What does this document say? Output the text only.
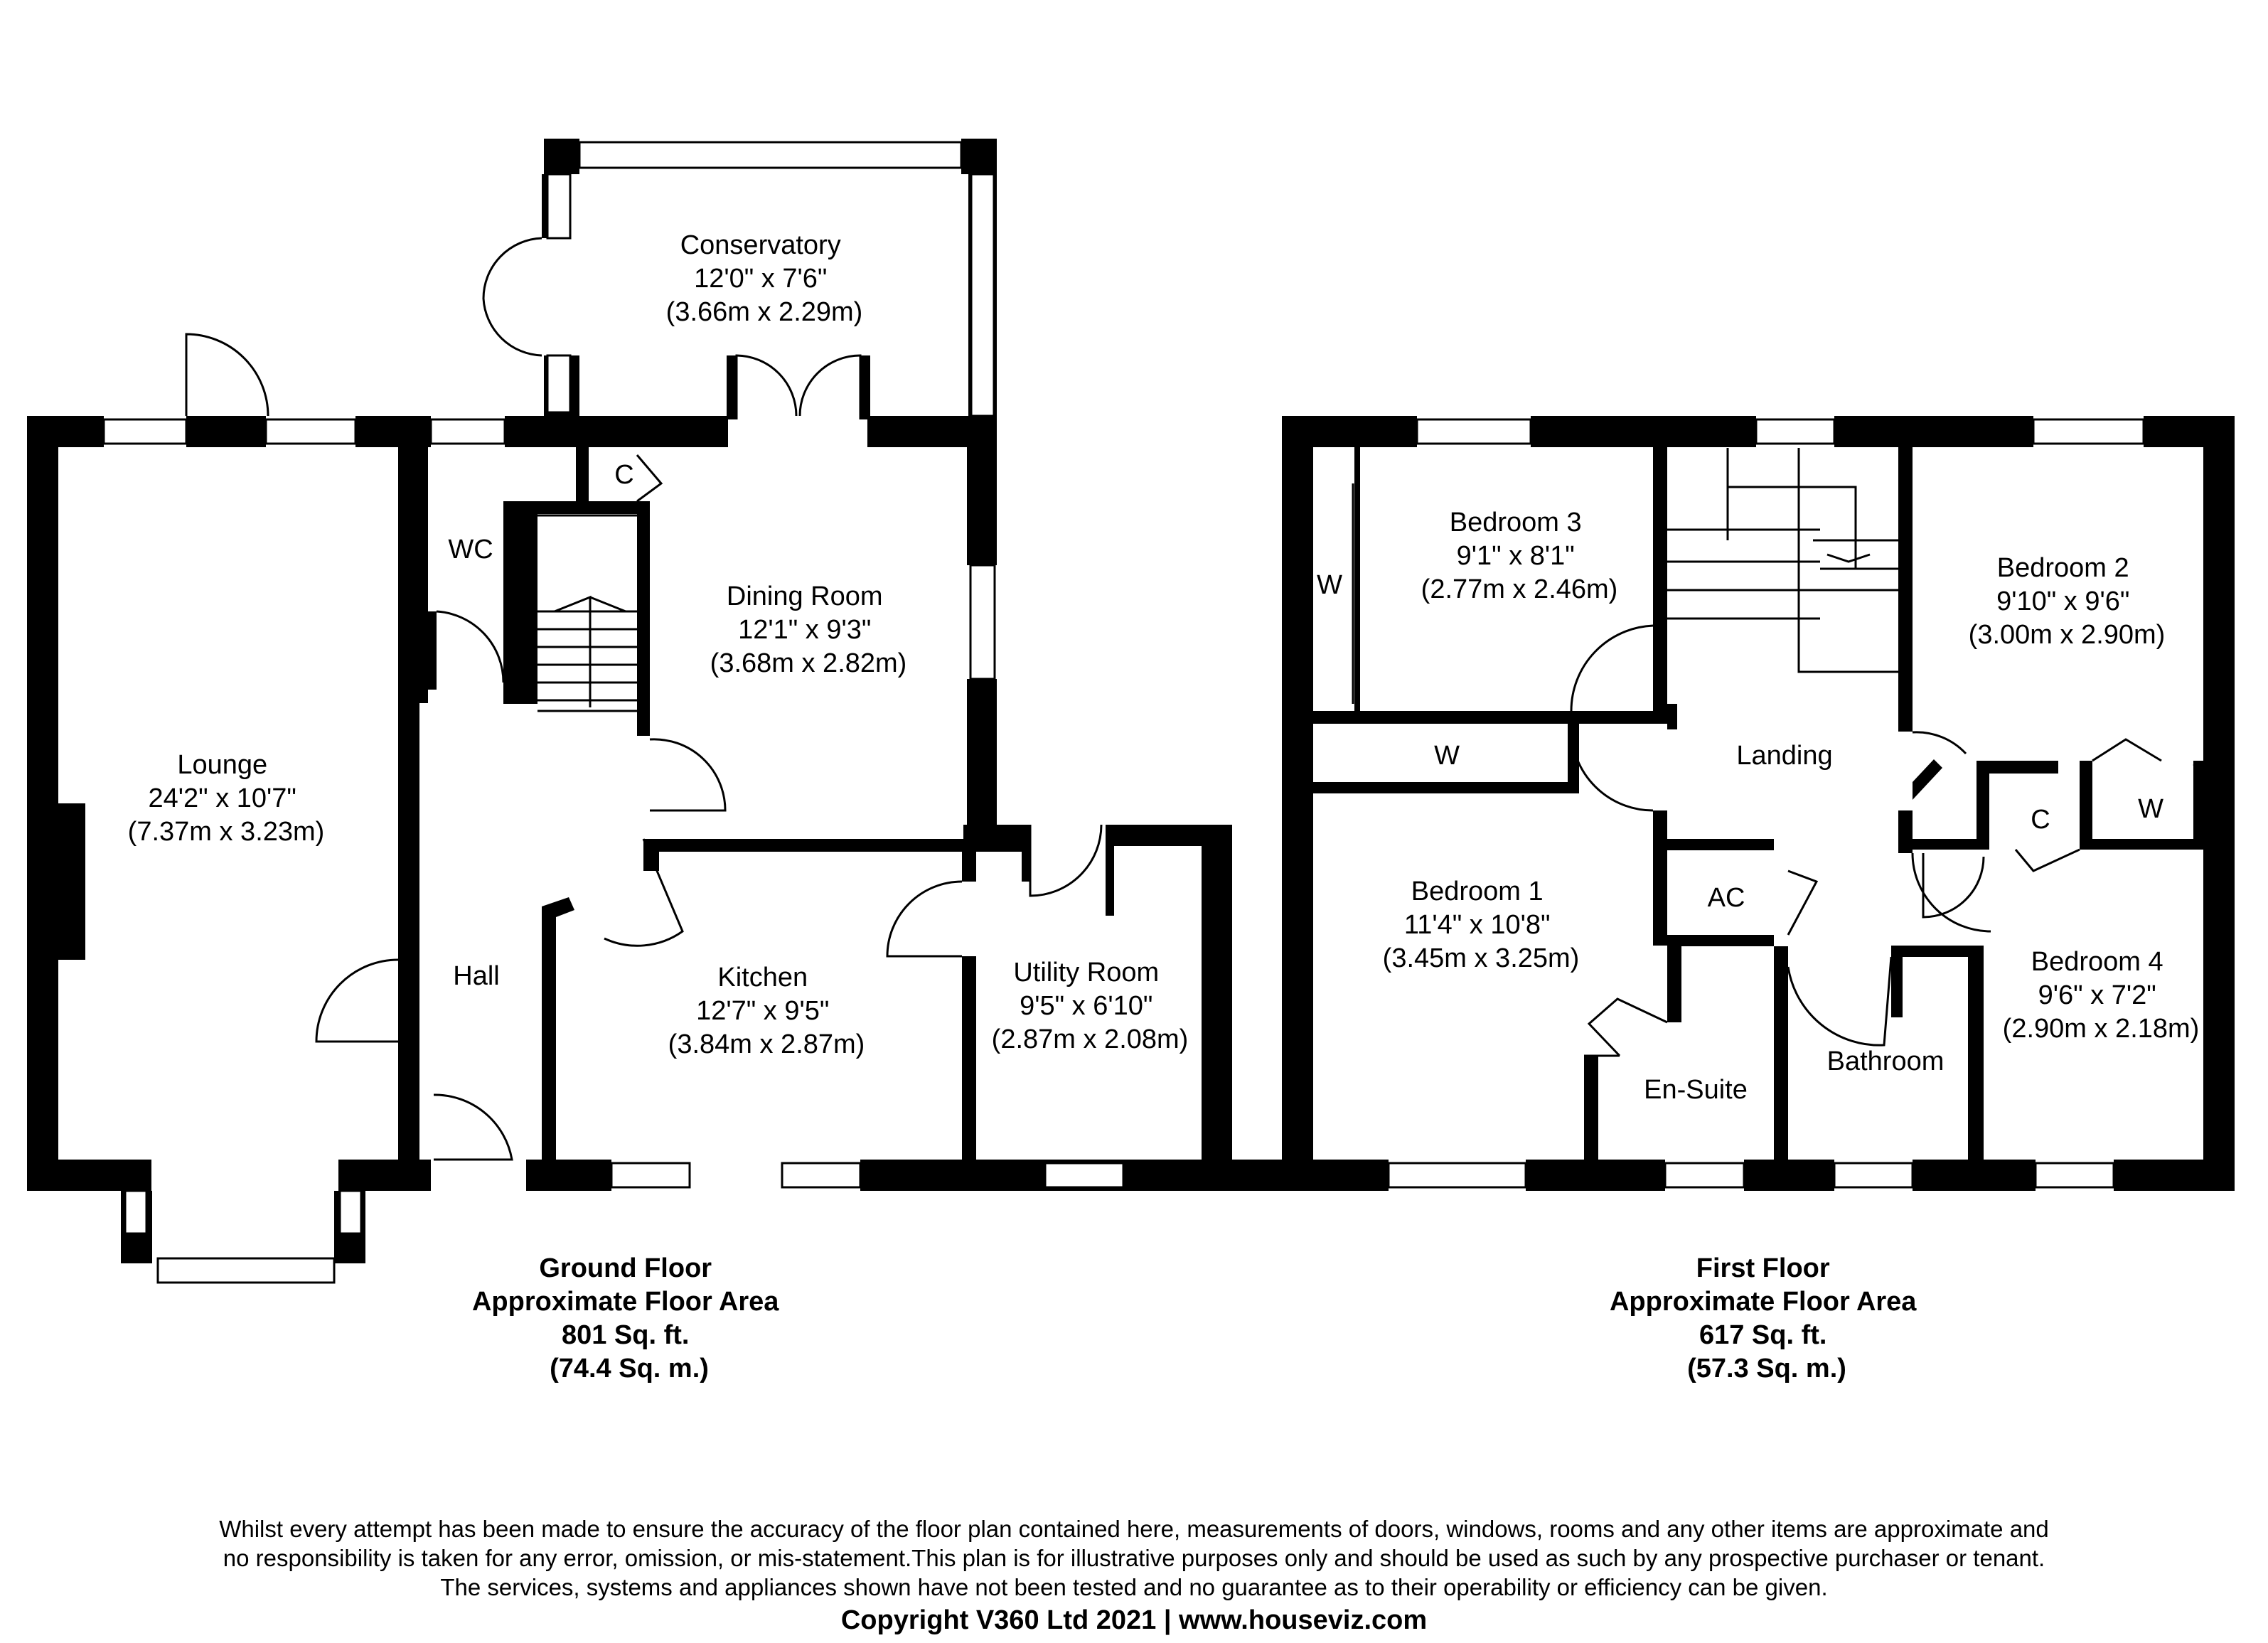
Lounge 24'2" x 10'7" (7.37m x 3.23m)
Conservatory 12'0" x 7'6" (3.66m x 2.29m)
Dining Room 12'1" x 9'3" (3.68m x 2.82m)
Kitchen 12'7" x 9'5" (3.84m x 2.87m)
Utility Room 9'5" x 6'10" (2.87m x 2.08m)
WC
Hall
C
Bedroom 3 9'1" x 8'1" (2.77m x 2.46m)
Bedroom 2 9'10" x 9'6" (3.00m x 2.90m)
Bedroom 1 11'4" x 10'8" (3.45m x 3.25m)	Bedroom 4 9'6" x 7'2" (2.90m x 2.18m)
Landing
En-Suite
Bathroom
AC
W
W
W
C
Ground Floor Approximate Floor Area 801 Sq. ft. (74.4 Sq. m.)
First Floor Approximate Floor Area 617 Sq. ft. (57.3 Sq. m.)
Whilst every attempt has been made to ensure the accuracy of the floor plan contained here, measurements of doors, windows, rooms and any other items are approximate and
no responsibility is taken for any error, omission, or mis-statement.This plan is for illustrative purposes only and should be used as such by any prospective purchaser or tenant.
The services, systems and appliances shown have not been tested and no guarantee as to their operability or efficiency can be given.
Copyright V360 Ltd 2021 | www.houseviz.com
